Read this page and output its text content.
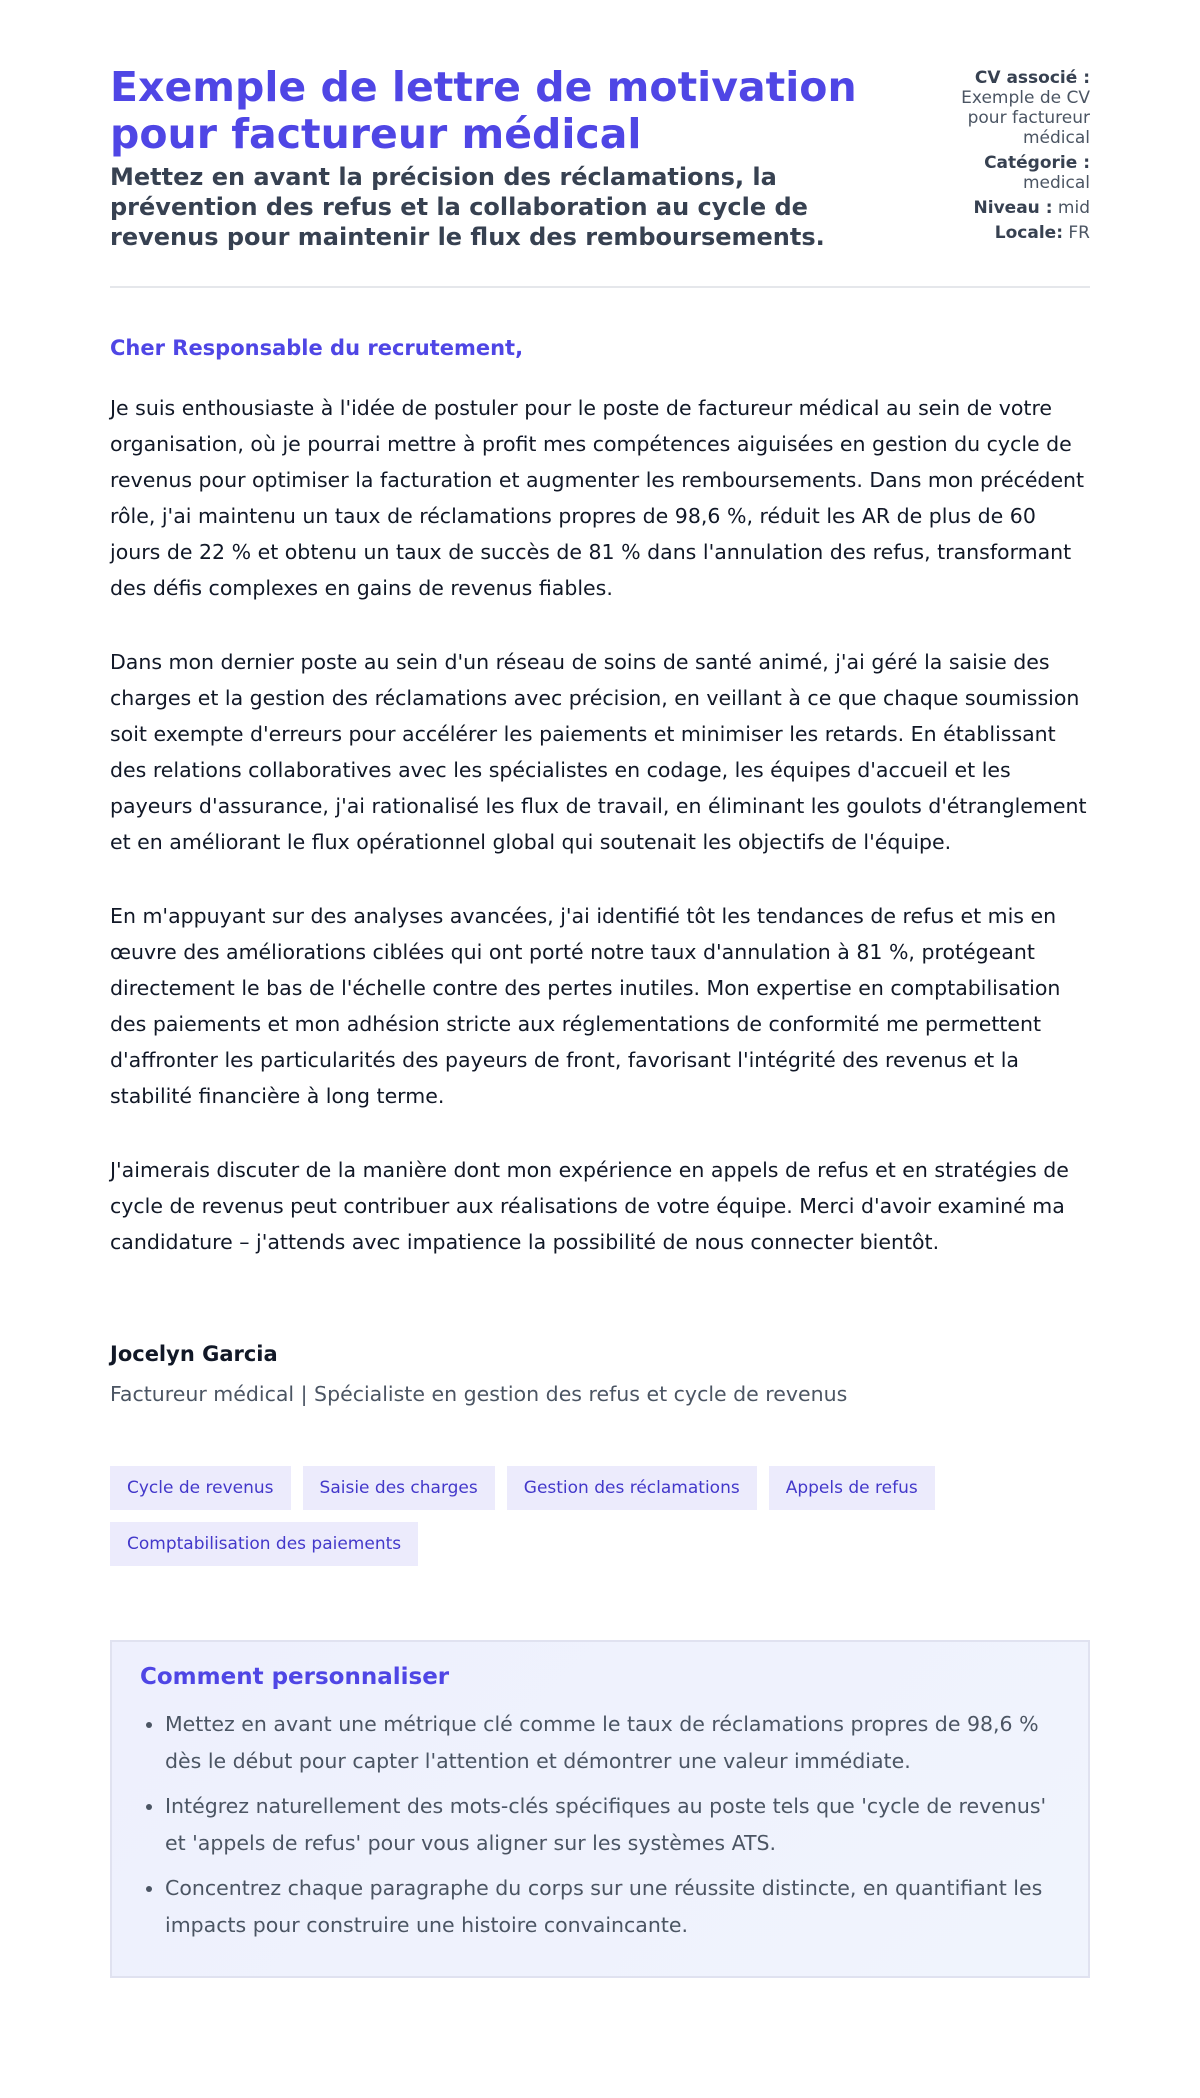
Exemple de lettre de motivation pour factureur médical

Mettez en avant la précision des réclamations, la prévention des refus et la collaboration au cycle de revenus pour maintenir le flux des remboursements.

CV associé :
Exemple de CV pour factureur médical
Catégorie :
medical
Niveau : mid
Locale: FR
Cher Responsable du recrutement,

Je suis enthousiaste à l'idée de postuler pour le poste de factureur médical au sein de votre organisation, où je pourrai mettre à profit mes compétences aiguisées en gestion du cycle de revenus pour optimiser la facturation et augmenter les remboursements. Dans mon précédent rôle, j'ai maintenu un taux de réclamations propres de 98,6 %, réduit les AR de plus de 60 jours de 22 % et obtenu un taux de succès de 81 % dans l'annulation des refus, transformant des défis complexes en gains de revenus fiables.

Dans mon dernier poste au sein d'un réseau de soins de santé animé, j'ai géré la saisie des charges et la gestion des réclamations avec précision, en veillant à ce que chaque soumission soit exempte d'erreurs pour accélérer les paiements et minimiser les retards. En établissant des relations collaboratives avec les spécialistes en codage, les équipes d'accueil et les payeurs d'assurance, j'ai rationalisé les flux de travail, en éliminant les goulots d'étranglement et en améliorant le flux opérationnel global qui soutenait les objectifs de l'équipe.

En m'appuyant sur des analyses avancées, j'ai identifié tôt les tendances de refus et mis en œuvre des améliorations ciblées qui ont porté notre taux d'annulation à 81 %, protégeant directement le bas de l'échelle contre des pertes inutiles. Mon expertise en comptabilisation des paiements et mon adhésion stricte aux réglementations de conformité me permettent d'affronter les particularités des payeurs de front, favorisant l'intégrité des revenus et la stabilité financière à long terme.

J'aimerais discuter de la manière dont mon expérience en appels de refus et en stratégies de cycle de revenus peut contribuer aux réalisations de votre équipe. Merci d'avoir examiné ma candidature – j'attends avec impatience la possibilité de nous connecter bientôt.

Jocelyn Garcia
Factureur médical | Spécialiste en gestion des refus et cycle de revenus
Cycle de revenus	Saisie des charges	Gestion des réclamations	Appels de refus
Comptabilisation des paiements
Comment personnaliser
• Mettez en avant une métrique clé comme le taux de réclamations propres de 98,6 % dès le début pour capter l'attention et démontrer une valeur immédiate.
• Intégrez naturellement des mots-clés spécifiques au poste tels que 'cycle de revenus' et 'appels de refus' pour vous aligner sur les systèmes ATS.
• Concentrez chaque paragraphe du corps sur une réussite distincte, en quantifiant les impacts pour construire une histoire convaincante.
